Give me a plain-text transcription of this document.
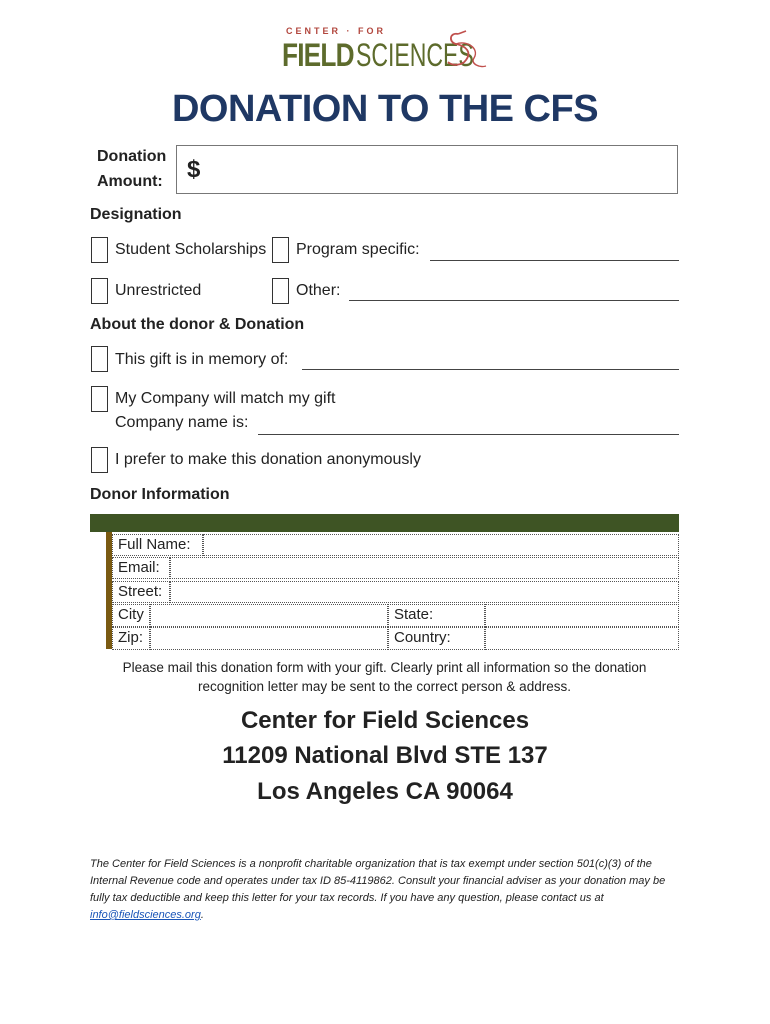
CENTER · FOR
FIELD SCIENCES
DONATION TO THE CFS
Donation
Amount: $
Designation
Student Scholarships Program specific:
Unrestricted	Other:
About the donor & Donation
This gift is in memory of:
My Company will match my gift
Company name is:
I prefer to make this donation anonymously
Donor Information
Full Name:
Email:
Street:
City	State:
Zip:	Country:
Please mail this donation form with your gift. Clearly print all information so the donation recognition letter may be sent to the correct person & address.
Center for Field Sciences
11209 National Blvd STE 137
Los Angeles CA 90064
The Center for Field Sciences is a nonprofit charitable organization that is tax exempt under section 501(c)(3) of the Internal Revenue code and operates under tax ID 85-4119862. Consult your financial adviser as your donation may be fully tax deductible and keep this letter for your tax records. If you have any question, please contact us at info@fieldsciences.org.
